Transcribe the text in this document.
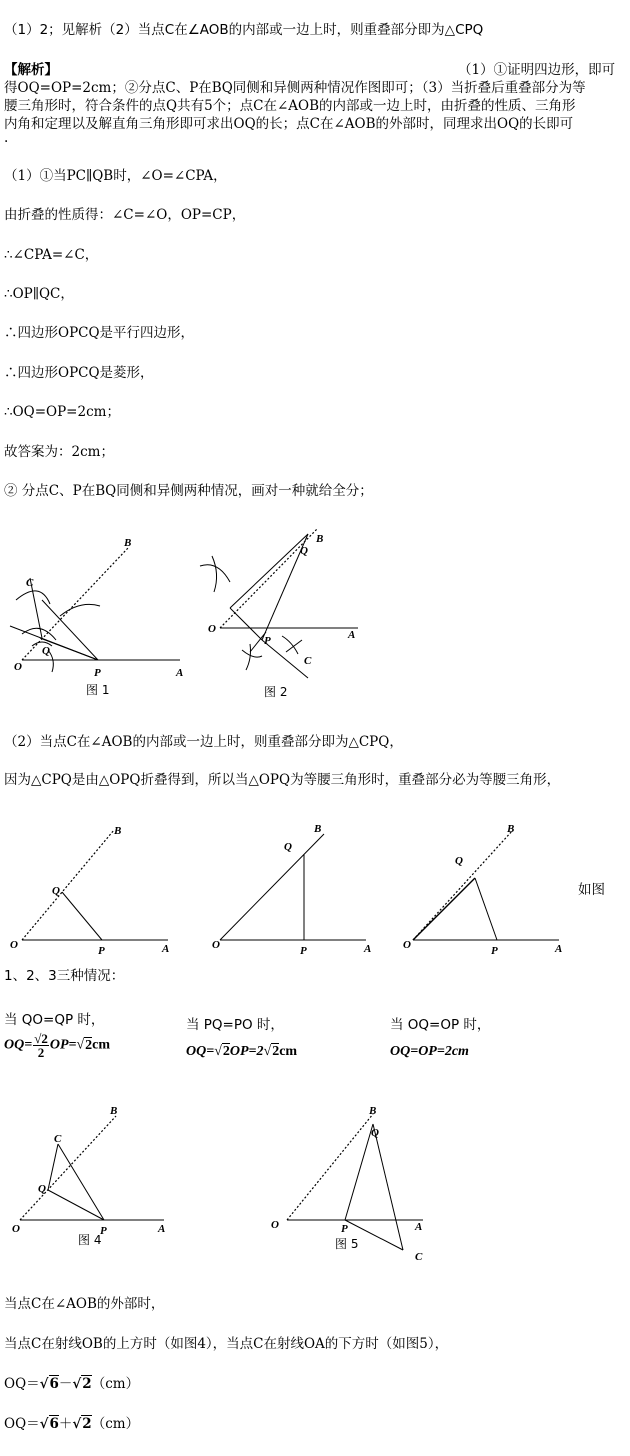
（1）2；见解析（2）当点C在∠AOB的内部或一边上时，则重叠部分即为△CPQ
【解析】	（1）①证明四边形，即可
得OQ=OP=2cm；②分点C、P在BQ同侧和异侧两种情况作图即可；（3）当折叠后重叠部分为等
腰三角形时，符合条件的点Q共有5个；点C在∠AOB的内部或一边上时，由折叠的性质、三角形
内角和定理以及解直角三角形即可求出OQ的长；点C在∠AOB的外部时，同理求出OQ的长即可
.
（1）①当PC∥QB时，∠O=∠CPA，
由折叠的性质得：∠C=∠O，OP=CP，
∴∠CPA=∠C，
∴OP∥QC，
∴四边形OPCQ是平行四边形，
∴四边形OPCQ是菱形，
∴OQ=OP=2cm；
故答案为：2cm；
② 分点C、P在BQ同侧和异侧两种情况，画对一种就给全分；
O	A
B
P
Q
C
图 1
O	A
B
P
Q
C
图 2
（2）当点C在∠AOB的内部或一边上时，则重叠部分即为△CPQ，
因为△CPQ是由△OPQ折叠得到，所以当△OPQ为等腰三角形时，重叠部分必为等腰三角形，
O	A
B
P
Q
O	A
B
P
Q
O	A
B
P
Q
如图
1、2、3三种情况：
当 QO=QP 时，
$OQ= \frac{√2}{2} OP=√2cm$
当 PQ=PO 时，
OQ=√2OP=2√2cm
当 OQ=OP 时，
OQ=OP=2cm
O	A
B
P
Q
C
图 4
O	A
B
P
Q
C
图 5
当点C在∠AOB的外部时，
当点C在射线OB的上方时（如图4），当点C在射线OA的下方时（如图5），
OQ＝√6－√2（cm）
OQ＝√6＋√2（cm）
